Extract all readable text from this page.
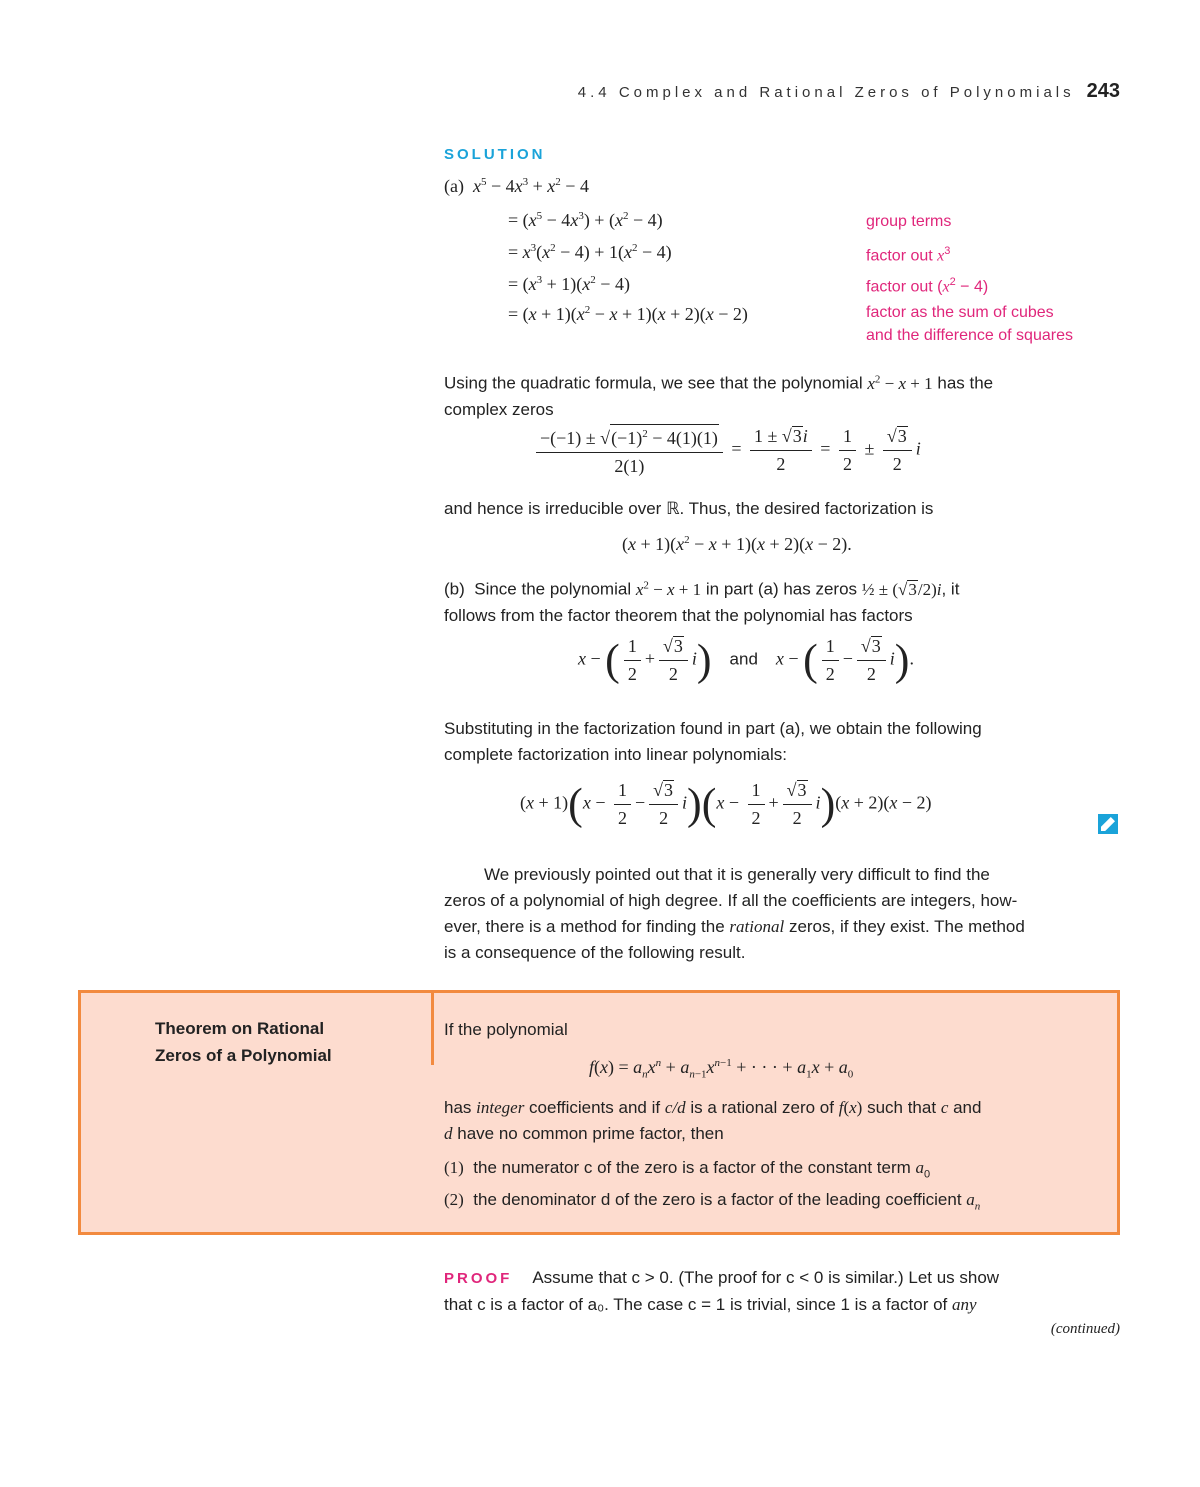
4.4 Complex and Rational Zeros of Polynomials 243
SOLUTION
(a) $x^5 - 4x^3 + x^2 - 4$
= $(x^5 - 4x^3) + (x^2 - 4)$
= $x^3(x^2 - 4) + 1(x^2 - 4)$
= $(x^3 + 1)(x^2 - 4)$
= $(x + 1)(x^2 - x + 1)(x + 2)(x - 2)$
group terms
factor out $x^3$
factor out $(x^2 - 4)$
factor as the sum of cubes
and the difference of squares
Using the quadratic formula, we see that the polynomial $x^2 - x + 1$ has the
complex zeros
$\frac{-(-1) \pm √(-1)^2 - 4(1)(1)}{2(1)} = \frac{1 \pm √3i}{2} = \frac{1}{2} \pm \frac{√3}{2}$ i
and hence is irreducible over ℝ. Thus, the desired factorization is
$(x + 1)(x^2 - x + 1)(x + 2)(x - 2)$.
(b) Since the polynomial $x^2 - x + 1$ in part (a) has zeros ½ ± (√3/2)i, it
follows from the factor theorem that the polynomial has factors
x − ( $\frac{1}{2} + \frac{√3}{2} i$) and x − ( $\frac{1}{2} - \frac{√3}{2} i$).
Substituting in the factorization found in part (a), we obtain the following
complete factorization into linear polynomials:
$(x + 1)(x - \frac{1}{2} - \frac{√3}{2} i)(x - \frac{1}{2} + \frac{√3}{2} i)(x + 2)(x - 2)$
We previously pointed out that it is generally very difficult to find the
zeros of a polynomial of high degree. If all the coefficients are integers, how-
ever, there is a method for finding the rational zeros, if they exist. The method
is a consequence of the following result.
Theorem on Rational
Zeros of a Polynomial
If the polynomial
$f(x) = a_nx^n + a_{n-1}x^{n-1}$ + · · · + $a_1x + a_0$
has integer coefficients and if c/d is a rational zero of f(x) such that c and
d have no common prime factor, then
(1) the numerator c of the zero is a factor of the constant term $a_0$
(2) the denominator d of the zero is a factor of the leading coefficient $a_n$
PROOF Assume that c > 0. (The proof for c < 0 is similar.) Let us show
that c is a factor of a₀. The case c = 1 is trivial, since 1 is a factor of any
(continued)
